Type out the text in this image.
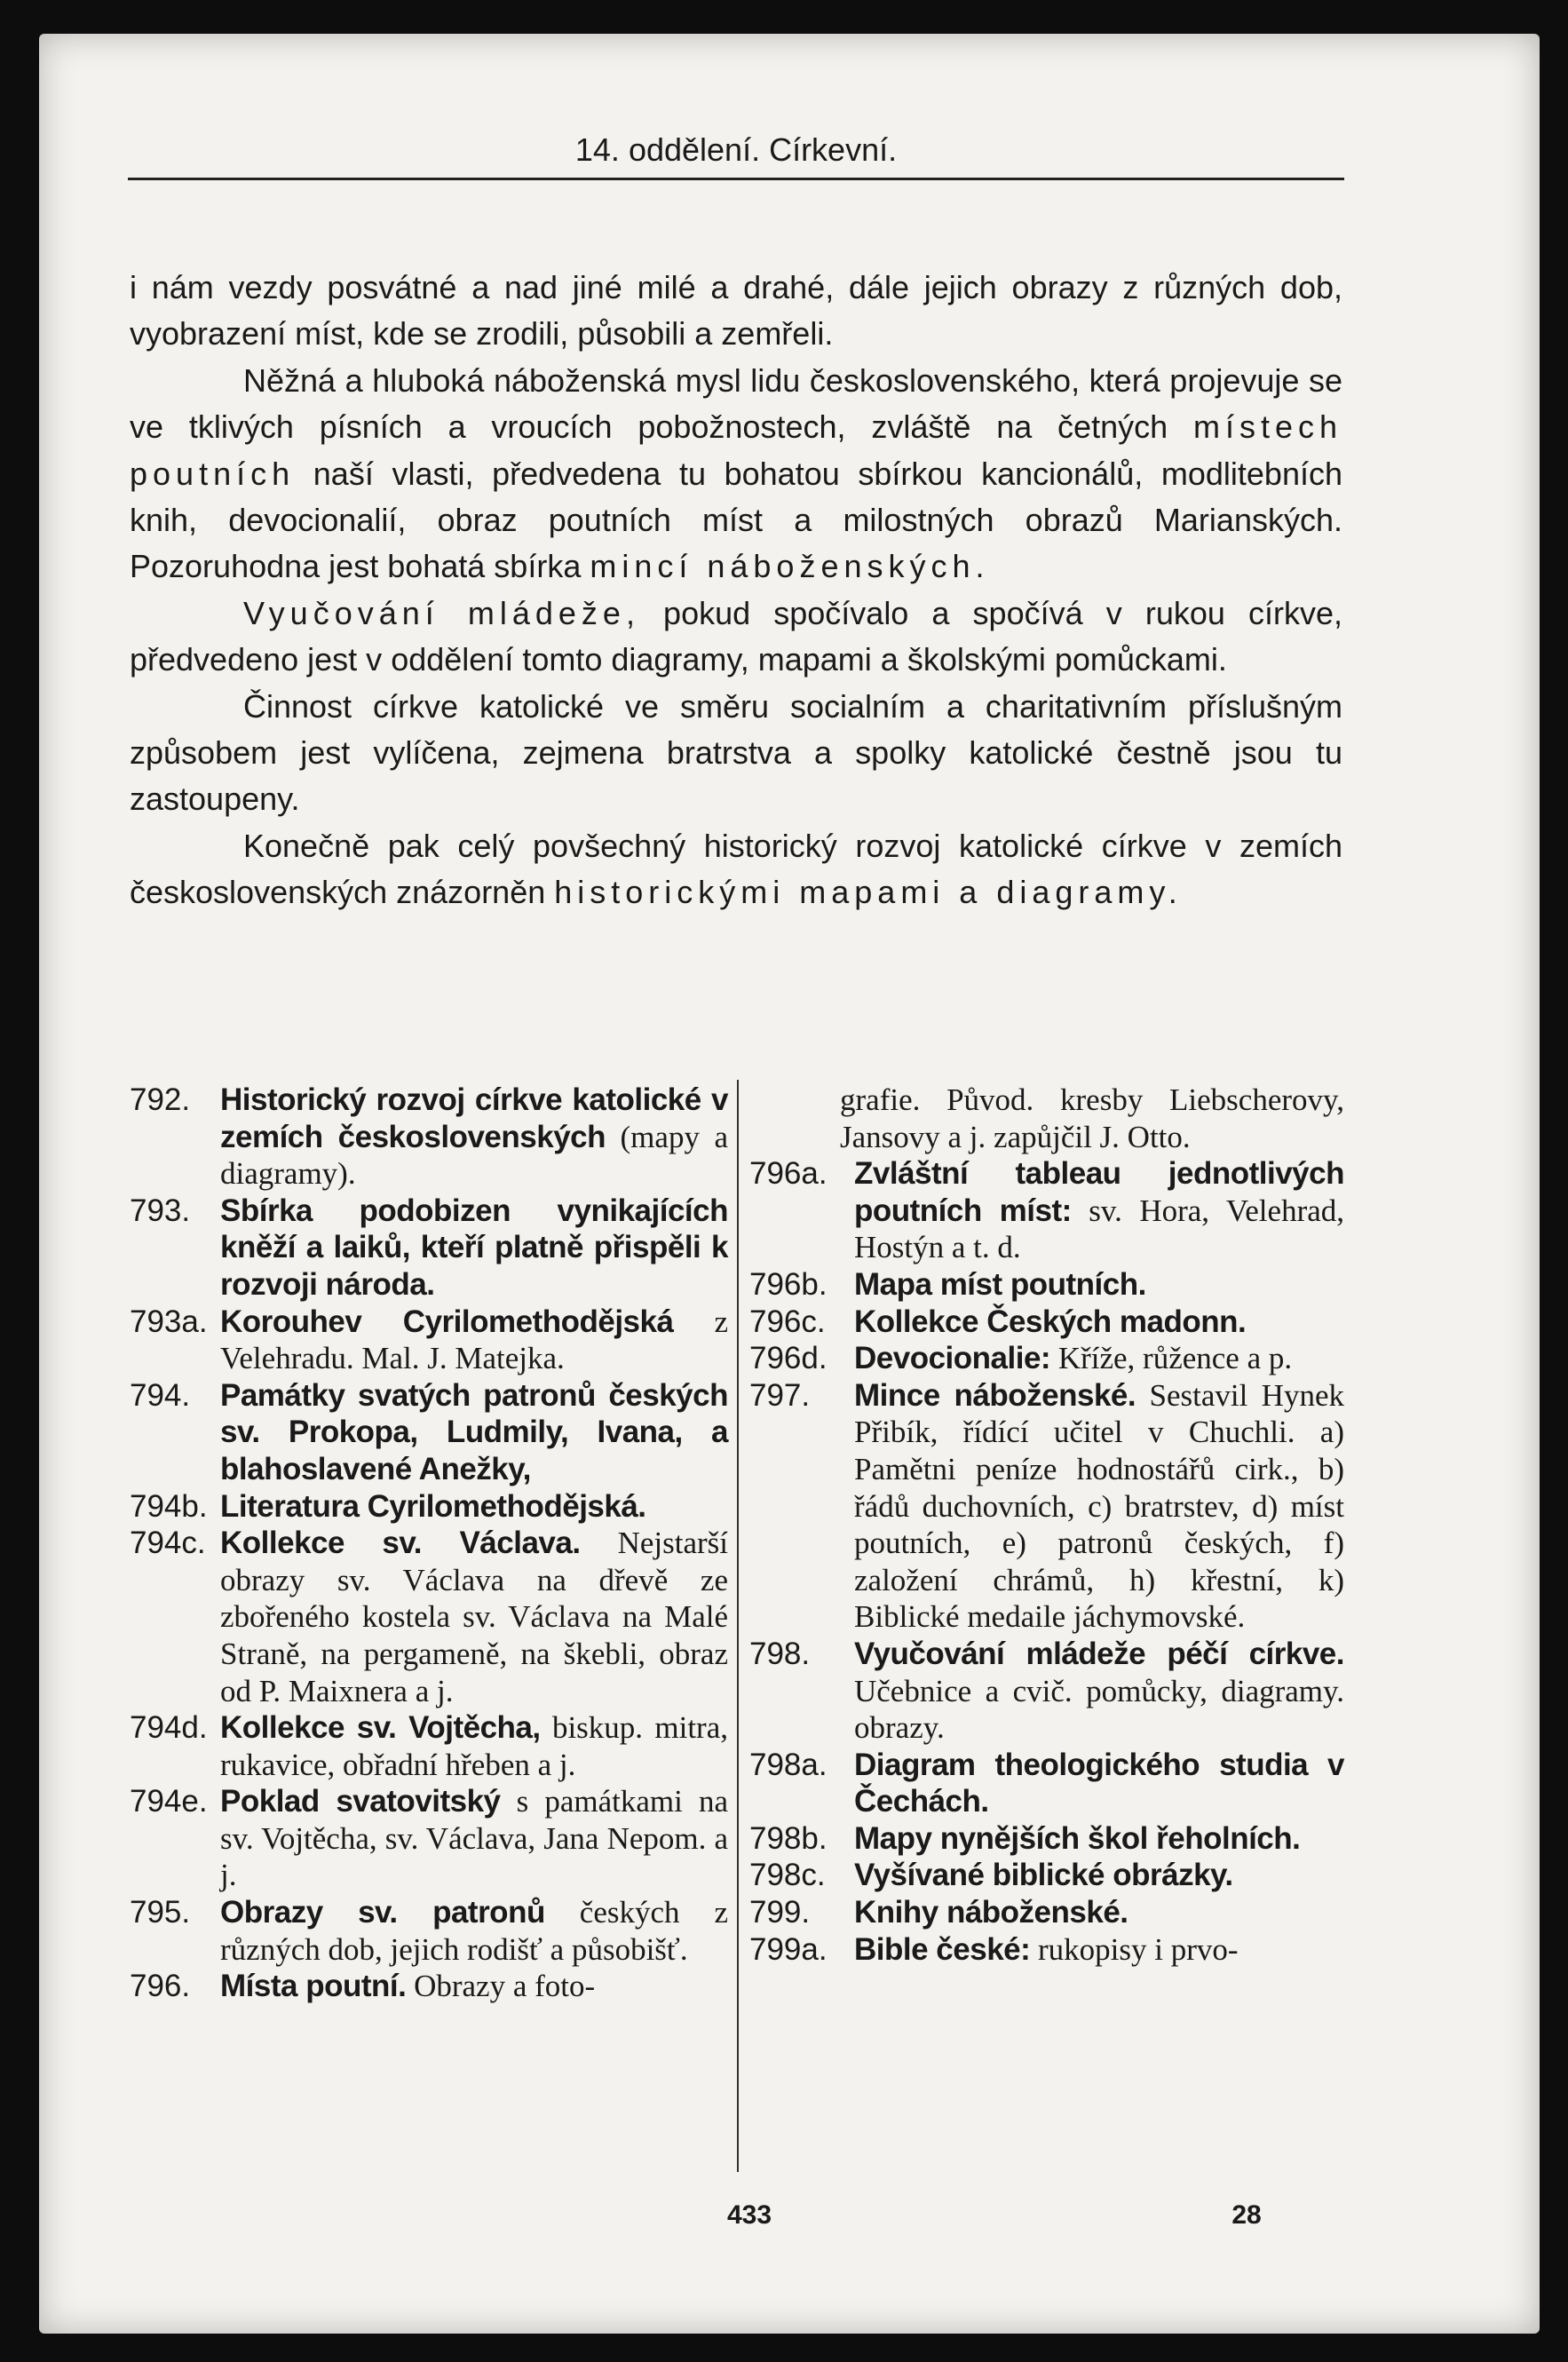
14. oddělení. Církevní.

i nám vezdy posvátné a nad jiné milé a drahé, dále jejich obrazy z různých dob, vyobrazení míst, kde se zrodili, působili a zemřeli.

Něžná a hluboká náboženská mysl lidu československého, která projevuje se ve tklivých písních a vroucích pobožnostech, zvláště na četných místech poutních naší vlasti, předvedena tu bohatou sbírkou kancionálů, modlitebních knih, devocionalií, obraz poutních míst a milostných obrazů Marianských. Pozoruhodna jest bohatá sbírka mincí náboženských.

Vyučování mládeže, pokud spočívalo a spočívá v rukou církve, předvedeno jest v oddělení tomto diagramy, mapami a školskými pomůckami.

Činnost církve katolické ve směru socialním a charitativním příslušným způsobem jest vylíčena, zejmena bratrstva a spolky katolické čestně jsou tu zastoupeny.

Konečně pak celý povšechný historický rozvoj katolické církve v zemích československých znázorněn historickými mapami a diagramy.

792. Historický rozvoj církve katolické v zemích československých (mapy a diagramy).
793. Sbírka podobizen vynikajících kněží a laiků, kteří platně přispěli k rozvoji národa.
793a. Korouhev Cyrilomethodějská z Velehradu. Mal. J. Matejka.
794. Památky svatých patronů českých sv. Prokopa, Ludmily, Ivana, a blahoslavené Anežky,
794b. Literatura Cyrilomethodějská.
794c. Kollekce sv. Václava. Nejstarší obrazy sv. Václava na dřevě ze zbořeného kostela sv. Václava na Malé Straně, na pergameně, na škebli, obraz od P. Maixnera a j.
794d. Kollekce sv. Vojtěcha, biskup. mitra, rukavice, obřadní hřeben a j.
794e. Poklad svatovitský s památkami na sv. Vojtěcha, sv. Václava, Jana Nepom. a j.
795. Obrazy sv. patronů českých z různých dob, jejich rodišť a působišť.
796. Místa poutní. Obrazy a foto-
grafie. Původ. kresby Liebscherovy, Jansovy a j. zapůjčil J. Otto.
796a. Zvláštní tableau jednotlivých poutních míst: sv. Hora, Velehrad, Hostýn a t. d.
796b. Mapa míst poutních.
796c. Kollekce Českých madonn.
796d. Devocionalie: Kříže, růžence a p.
797. Mince náboženské. Sestavil Hynek Přibík, řídící učitel v Chuchli. a) Pamětni peníze hodnostářů cirk., b) řádů duchovních, c) bratrstev, d) míst poutních, e) patronů českých, f) založení chrámů, h) křestní, k) Biblické medaile jáchymovské.
798. Vyučování mládeže péčí církve. Učebnice a cvič. pomůcky, diagramy. obrazy.
798a. Diagram theologického studia v Čechách.
798b. Mapy nynějších škol řeholních.
798c. Vyšívané biblické obrázky.
799. Knihy náboženské.
799a. Bible české: rukopisy i prvo-
433	28
